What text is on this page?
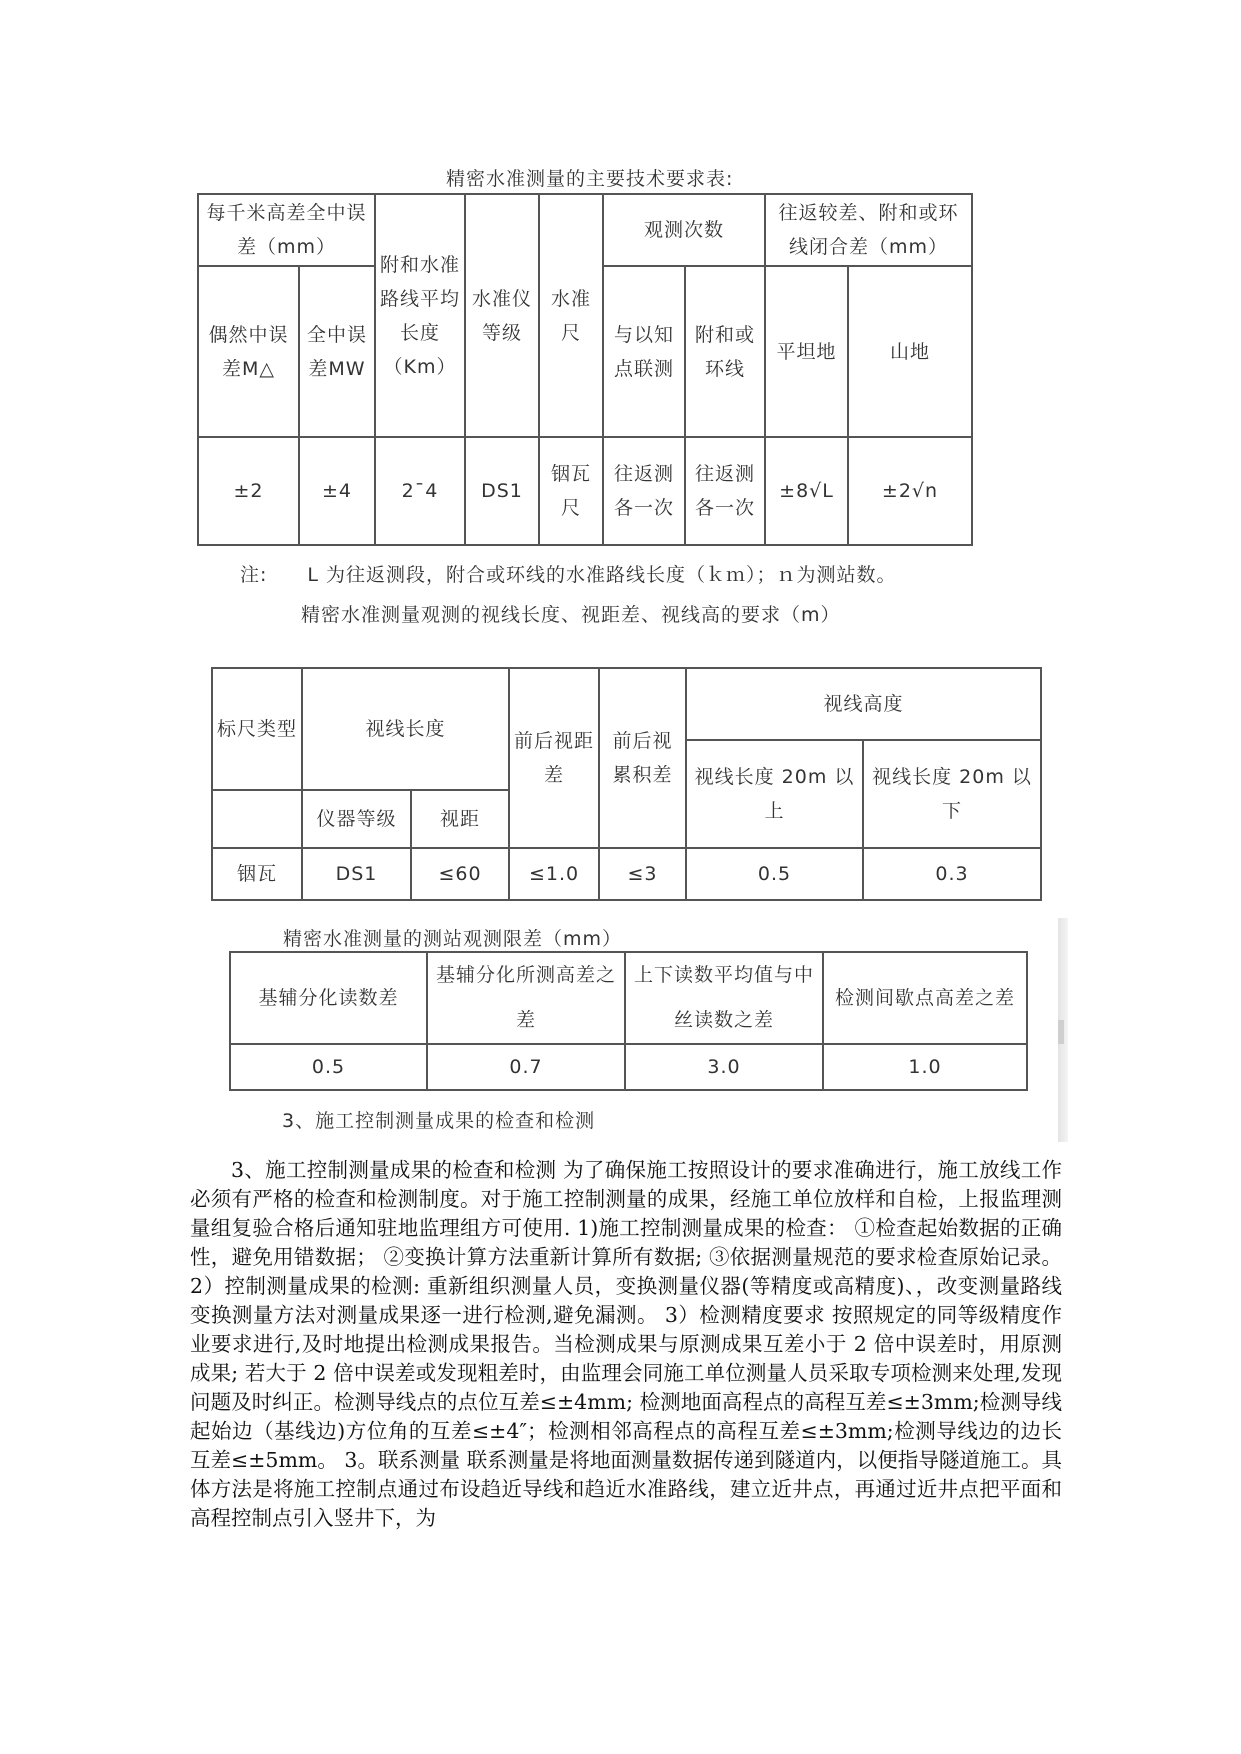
精密水准测量的主要技术要求表:
每千米高差全中误差（mm）		附和水准路线平均长度（Km）	水准仪等级	水准尺	观测次数		往返较差、附和或环线闭合差（mm）	
偶然中误差M△	全中误差MW				与以知点联测	附和或环线	平坦地	山地
±2	±4	2¯4	DS1	铟瓦尺	往返测各一次	往返测各一次	±8√L	±2√n
注:　　L 为往返测段，附合或环线的水准路线长度（ｋｍ）；ｎ为测站数。
精密水准测量观测的视线长度、视距差、视线高的要求（m）
标尺类型	视线长度		前后视距差	前后视累积差	视线高度	
					视线长度 20m 以上	视线长度 20m 以下
	仪器等级	视距				
铟瓦	DS1	≤60	≤1.0	≤3	0.5	0.3
精密水准测量的测站观测限差（mm）
基辅分化读数差	基辅分化所测高差之差	上下读数平均值与中丝读数之差	检测间歇点高差之差
0.5	0.7	3.0	1.0
3、施工控制测量成果的检查和检测

3、施工控制测量成果的检查和检测 为了确保施工按照设计的要求准确进行，施工放线工作必须有严格的检查和检测制度。对于施工控制测量的成果，经施工单位放样和自检，上报监理测量组复验合格后通知驻地监理组方可使用. 1)施工控制测量成果的检查： ①检查起始数据的正确性，避免用错数据； ②变换计算方法重新计算所有数据; ③依据测量规范的要求检查原始记录。 2）控制测量成果的检测: 重新组织测量人员，变换测量仪器(等精度或高精度)、，改变测量路线变换测量方法对测量成果逐一进行检测,避免漏测。 3）检测精度要求 按照规定的同等级精度作业要求进行,及时地提出检测成果报告。当检测成果与原测成果互差小于 2 倍中误差时，用原测成果; 若大于 2 倍中误差或发现粗差时，由监理会同施工单位测量人员采取专项检测来处理,发现问题及时纠正。检测导线点的点位互差≤±4mm; 检测地面高程点的高程互差≤±3mm;检测导线起始边（基线边)方位角的互差≤±4″；检测相邻高程点的高程互差≤±3mm;检测导线边的边长互差≤±5mm。 3。联系测量 联系测量是将地面测量数据传递到隧道内，以便指导隧道施工。具体方法是将施工控制点通过布设趋近导线和趋近水准路线，建立近井点，再通过近井点把平面和高程控制点引入竖井下，为
